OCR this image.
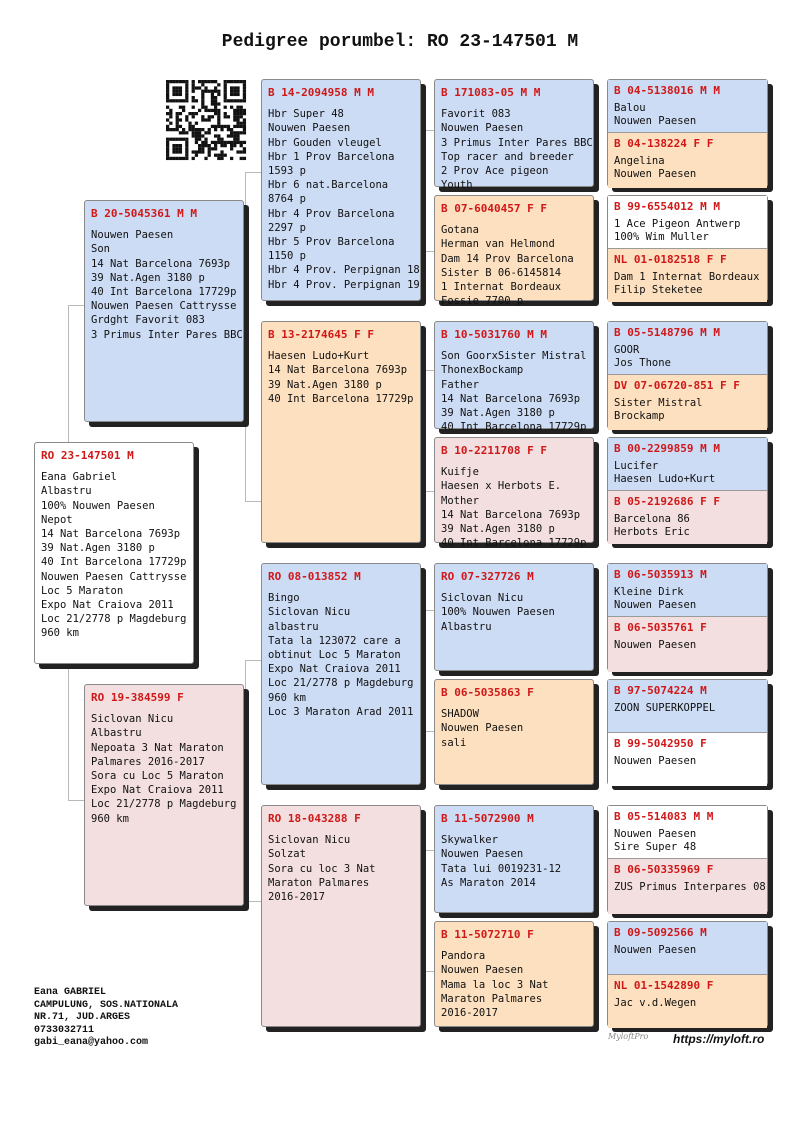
Pedigree porumbel: RO 23-147501 M
RO 23-147501 M
Eana Gabriel
Albastru
100% Nouwen Paesen
Nepot
14 Nat Barcelona 7693p
39 Nat.Agen 3180 p
40 Int Barcelona 17729p
Nouwen Paesen Cattrysse
Loc 5 Maraton
Expo Nat Craiova 2011
Loc 21/2778 p Magdeburg
960 km
B 20-5045361 M M
Nouwen Paesen
Son
14 Nat Barcelona 7693p
39 Nat.Agen 3180 p
40 Int Barcelona 17729p
Nouwen Paesen Cattrysse
Grdght Favorit 083
3 Primus Inter Pares BBC
RO 19-384599 F
Siclovan Nicu
Albastru
Nepoata 3 Nat Maraton
Palmares 2016-2017
Sora cu Loc 5 Maraton
Expo Nat Craiova 2011
Loc 21/2778 p Magdeburg
960 km
B 14-2094958 M M
Hbr Super 48
Nouwen Paesen
Hbr Gouden vleugel
Hbr 1 Prov Barcelona
1593 p
Hbr 6 nat.Barcelona
8764 p
Hbr 4 Prov Barcelona
2297 p
Hbr 5 Prov Barcelona
1150 p
Hbr 4 Prov. Perpignan 18
Hbr 4 Prov. Perpignan 19
B 13-2174645 F F
Haesen Ludo+Kurt
14 Nat Barcelona 7693p
39 Nat.Agen 3180 p
40 Int Barcelona 17729p
RO 08-013852 M
Bingo
Siclovan Nicu
albastru
Tata la 123072 care a
obtinut Loc 5 Maraton
Expo Nat Craiova 2011
Loc 21/2778 p Magdeburg
960 km
Loc 3 Maraton Arad 2011
RO 18-043288 F
Siclovan Nicu
Solzat
Sora cu loc 3 Nat
Maraton Palmares
2016-2017
B 171083-05 M M
Favorit 083
Nouwen Paesen
3 Primus Inter Pares BBC
Top racer and breeder
2 Prov Ace pigeon
Youth
B 07-6040457 F F
Gotana
Herman van Helmond
Dam 14 Prov Barcelona
Sister B 06-6145814
1 Internat Bordeaux
Fossie 7700 p
B 10-5031760 M M
Son GoorxSister Mistral
ThonexBockamp
Father
14 Nat Barcelona 7693p
39 Nat.Agen 3180 p
40 Int Barcelona 17729p
B 10-2211708 F F
Kuifje
Haesen x Herbots E.
Mother
14 Nat Barcelona 7693p
39 Nat.Agen 3180 p
40 Int Barcelona 17729p
RO 07-327726 M
Siclovan Nicu
100% Nouwen Paesen
Albastru
B 06-5035863 F
SHADOW
Nouwen Paesen
sali
B 11-5072900 M
Skywalker
Nouwen Paesen
Tata lui 0019231-12
As Maraton 2014
B 11-5072710 F
Pandora
Nouwen Paesen
Mama la loc 3 Nat
Maraton Palmares
2016-2017
B 04-5138016 M M
Balou
Nouwen Paesen
B 04-138224 F F
Angelina
Nouwen Paesen
B 99-6554012 M M
1 Ace Pigeon Antwerp
100% Wim Muller
NL 01-0182518 F F
Dam 1 Internat Bordeaux
Filip Steketee
B 05-5148796 M M
GOOR
Jos Thone
DV 07-06720-851 F F
Sister Mistral
Brockamp
B 00-2299859 M M
Lucifer
Haesen Ludo+Kurt
B 05-2192686 F F
Barcelona 86
Herbots Eric
B 06-5035913 M
Kleine Dirk
Nouwen Paesen
B 06-5035761 F
Nouwen Paesen
B 97-5074224 M
ZOON SUPERKOPPEL
B 99-5042950 F
Nouwen Paesen
B 05-514083 M M
Nouwen Paesen
Sire Super 48
B 06-50335969 F
ZUS Primus Interpares 08
B 09-5092566 M
Nouwen Paesen
NL 01-1542890 F
Jac v.d.Wegen
Eana GABRIEL
CAMPULUNG, SOS.NATIONALA
NR.71, JUD.ARGES
0733032711
gabi_eana@yahoo.com
MyloftPro https://myloft.ro
